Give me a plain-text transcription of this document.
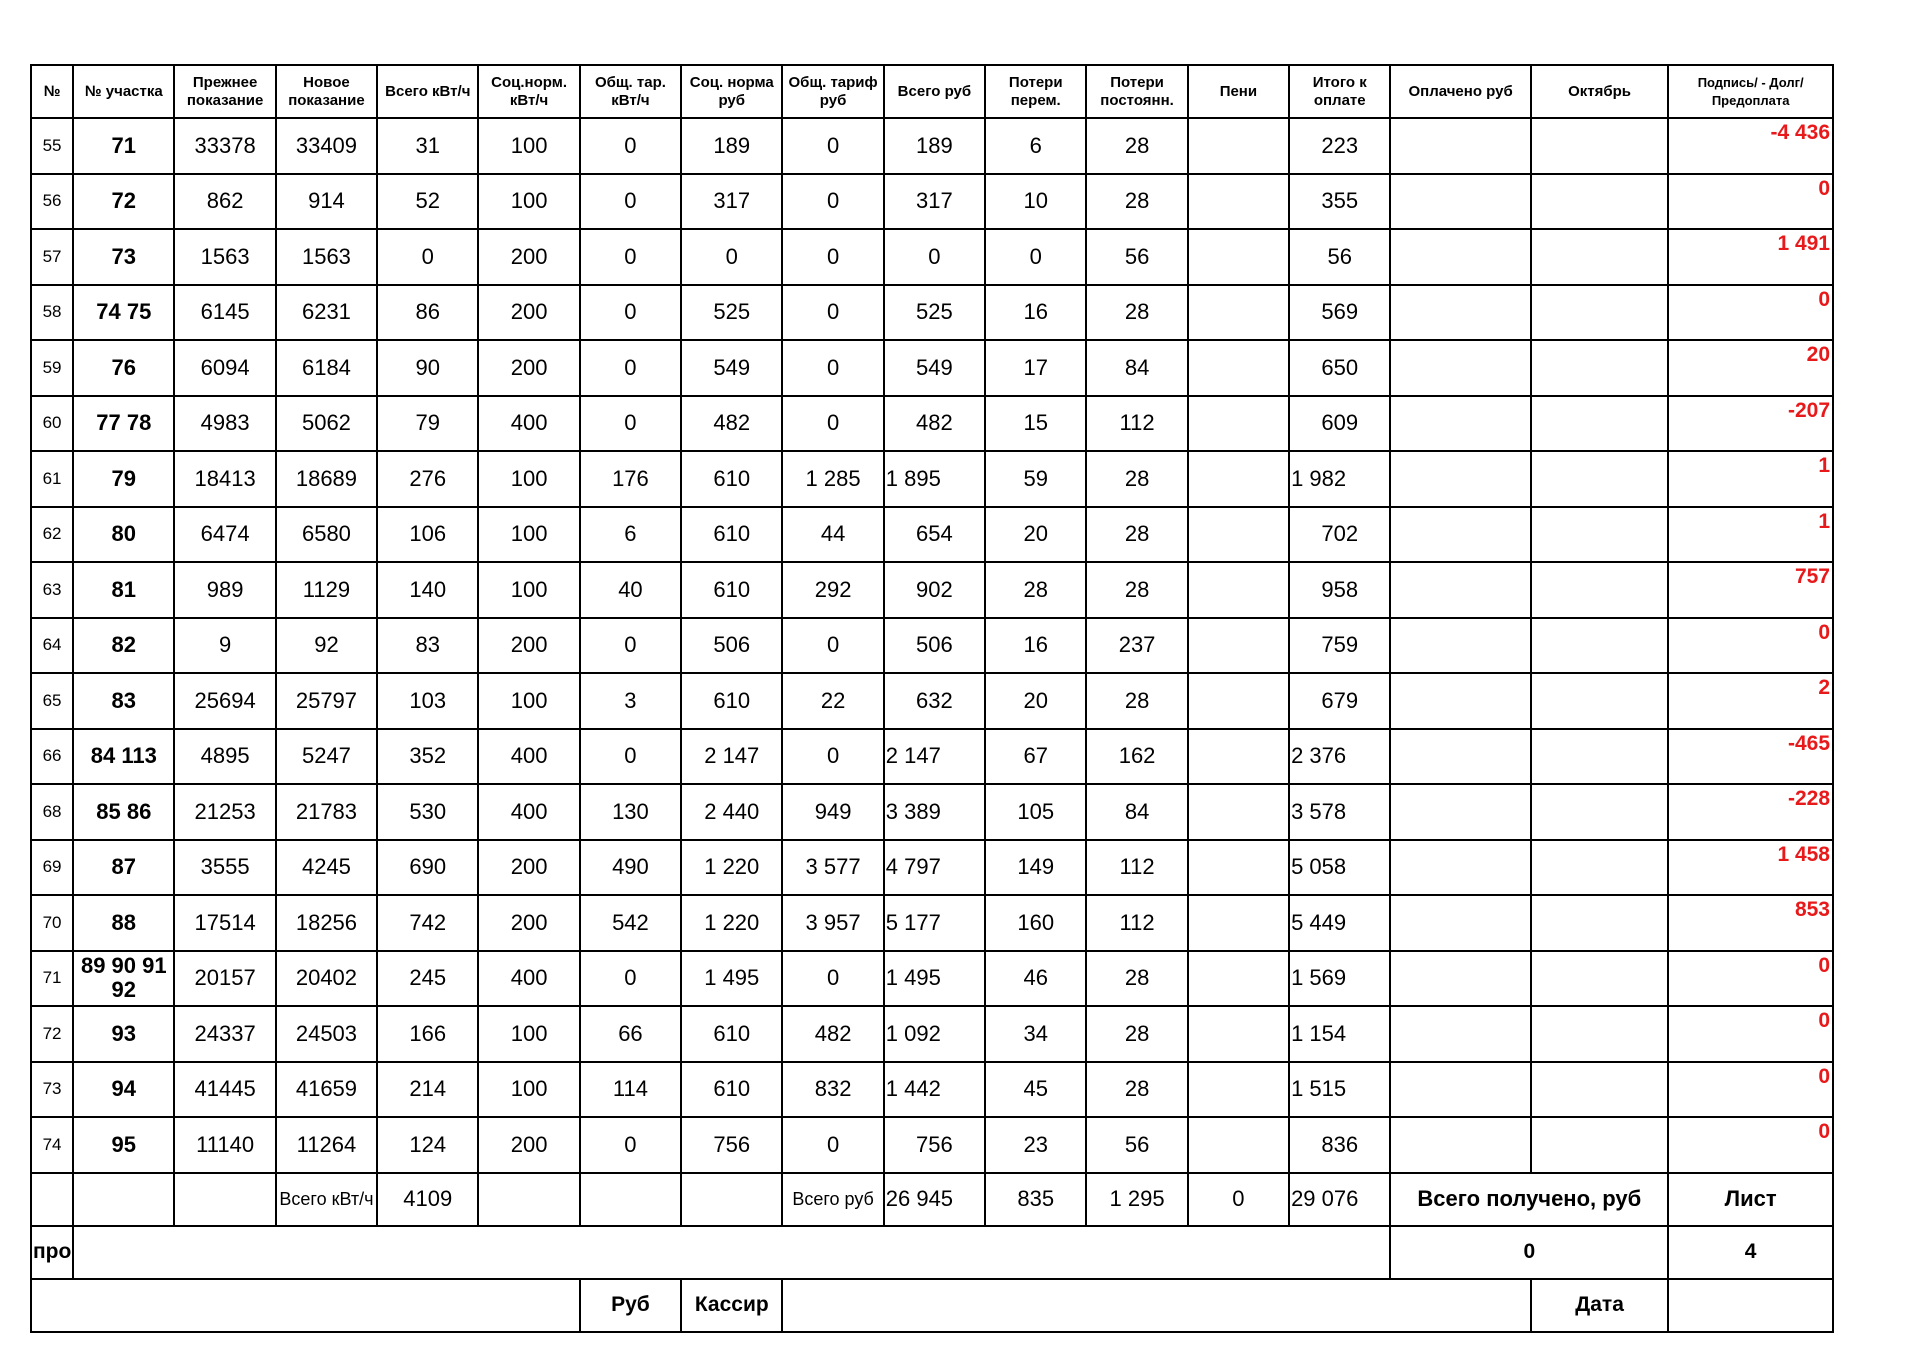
№	№ участка	Прежнее показание	Новое показание	Всего кВт/ч	Соц.норм. кВт/ч	Общ. тар. кВт/ч	Соц. норма руб	Общ. тариф руб	Всего руб	Потери перем.	Потери постоянн.	Пени	Итого к оплате	Оплачено руб	Октябрь	Подпись/ - Долг/Предоплата
55	71	33378	33409	31	100	0	189	0	189	6	28		223			-4 436
56	72	862	914	52	100	0	317	0	317	10	28		355			0
57	73	1563	1563	0	200	0	0	0	0	0	56		56			1 491
58	74 75	6145	6231	86	200	0	525	0	525	16	28		569			0
59	76	6094	6184	90	200	0	549	0	549	17	84		650			20
60	77 78	4983	5062	79	400	0	482	0	482	15	112		609			-207
61	79	18413	18689	276	100	176	610	1 285	1 895	59	28		1 982			1
62	80	6474	6580	106	100	6	610	44	654	20	28		702			1
63	81	989	1129	140	100	40	610	292	902	28	28		958			757
64	82	9	92	83	200	0	506	0	506	16	237		759			0
65	83	25694	25797	103	100	3	610	22	632	20	28		679			2
66	84 113	4895	5247	352	400	0	2 147	0	2 147	67	162		2 376			-465
68	85 86	21253	21783	530	400	130	2 440	949	3 389	105	84		3 578			-228
69	87	3555	4245	690	200	490	1 220	3 577	4 797	149	112		5 058			1 458
70	88	17514	18256	742	200	542	1 220	3 957	5 177	160	112		5 449			853
71	89 90 91 92	20157	20402	245	400	0	1 495	0	1 495	46	28		1 569			0
72	93	24337	24503	166	100	66	610	482	1 092	34	28		1 154			0
73	94	41445	41659	214	100	114	610	832	1 442	45	28		1 515			0
74	95	11140	11264	124	200	0	756	0	756	23	56		836			0
			Всего кВт/ч	4109				Всего руб	26 945	835	1 295	0	29 076	Всего получено, руб		Лист
про														0		4
						Руб	Кассир								Дата	
